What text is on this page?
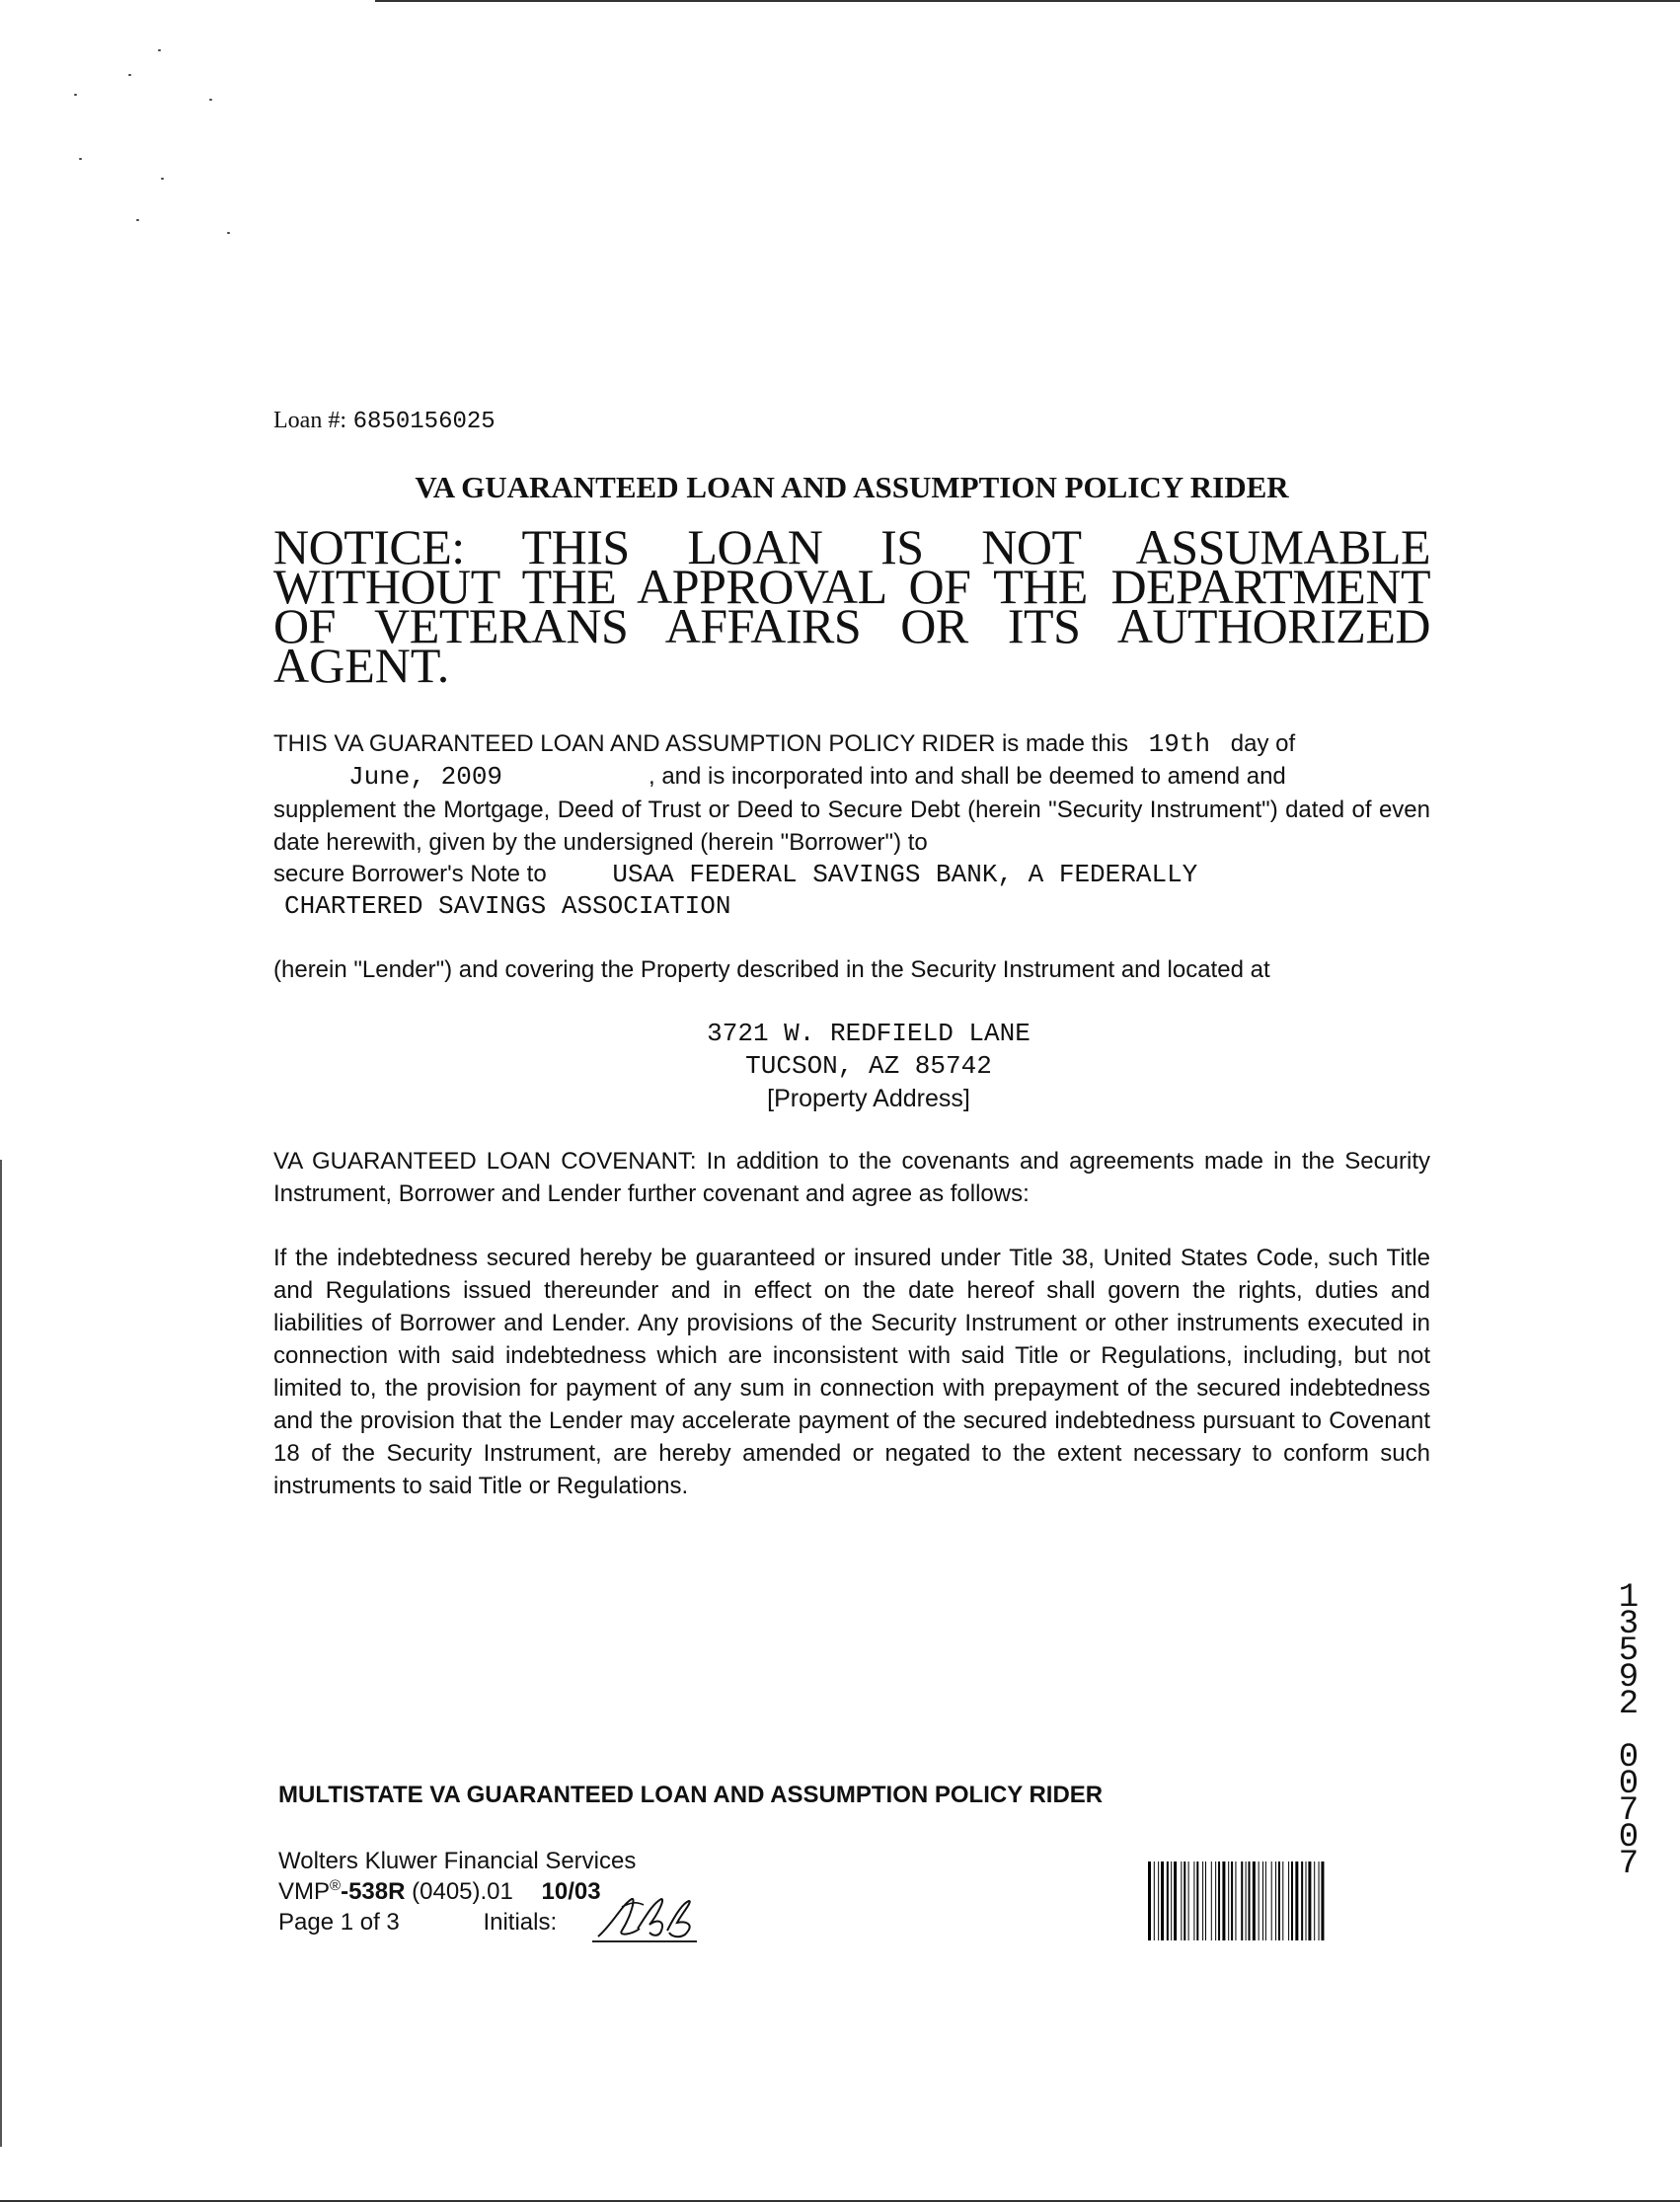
Loan #: 6850156025
VA GUARANTEED LOAN AND ASSUMPTION POLICY RIDER
NOTICE: THIS LOAN IS NOT ASSUMABLE
WITHOUT THE APPROVAL OF THE DEPARTMENT
OF VETERANS AFFAIRS OR ITS AUTHORIZED
AGENT.
THIS VA GUARANTEED LOAN AND ASSUMPTION POLICY RIDER is made this 19th day of
June, 2009	, and is incorporated into and shall be deemed to amend and
supplement the Mortgage, Deed of Trust or Deed to Secure Debt (herein "Security Instrument") dated of even date herewith, given by the undersigned (herein "Borrower") to
secure Borrower's Note to	USAA FEDERAL SAVINGS BANK, A FEDERALLY
CHARTERED SAVINGS ASSOCIATION
(herein "Lender") and covering the Property described in the Security Instrument and located at
3721 W. REDFIELD LANE
TUCSON, AZ 85742
[Property Address]
VA GUARANTEED LOAN COVENANT: In addition to the covenants and agreements made in the Security Instrument, Borrower and Lender further covenant and agree as follows:
If the indebtedness secured hereby be guaranteed or insured under Title 38, United States Code, such Title and Regulations issued thereunder and in effect on the date hereof shall govern the rights, duties and liabilities of Borrower and Lender. Any provisions of the Security Instrument or other instruments executed in connection with said indebtedness which are inconsistent with said Title or Regulations, including, but not limited to, the provision for payment of any sum in connection with prepayment of the secured indebtedness and the provision that the Lender may accelerate payment of the secured indebtedness pursuant to Covenant 18 of the Security Instrument, are hereby amended or negated to the extent necessary to conform such instruments to said Title or Regulations.
1
3
5
9
2
0
0
7
0
7
MULTISTATE VA GUARANTEED LOAN AND ASSUMPTION POLICY RIDER
Wolters Kluwer Financial Services
VMP®-538R (0405).01 10/03
Page 1 of 3	Initials:
